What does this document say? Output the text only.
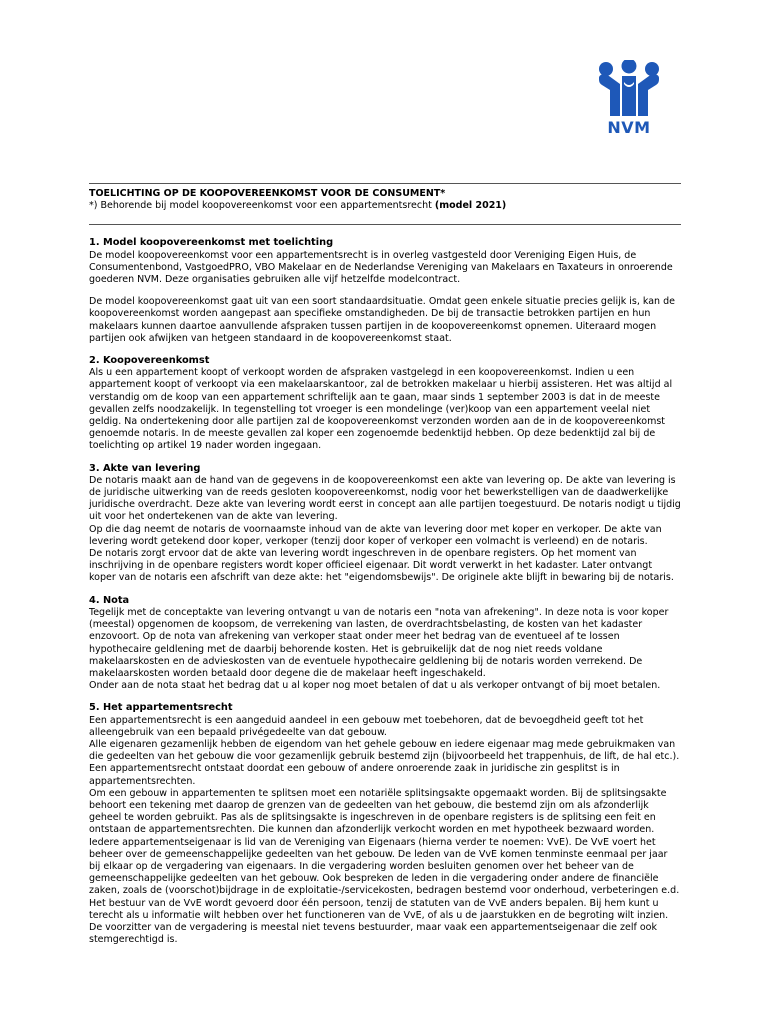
NVM
TOELICHTING OP DE KOOPOVEREENKOMST VOOR DE CONSUMENT*
*) Behorende bij model koopovereenkomst voor een appartementsrecht (model 2021)
1. Model koopovereenkomst met toelichting

De model koopovereenkomst voor een appartementsrecht is in overleg vastgesteld door Vereniging Eigen Huis, de Consumentenbond, VastgoedPRO, VBO Makelaar en de Nederlandse Vereniging van Makelaars en Taxateurs in onroerende goederen NVM. Deze organisaties gebruiken alle vijf hetzelfde modelcontract.

De model koopovereenkomst gaat uit van een soort standaardsituatie. Omdat geen enkele situatie precies gelijk is, kan de koopovereenkomst worden aangepast aan specifieke omstandigheden. De bij de transactie betrokken partijen en hun makelaars kunnen daartoe aanvullende afspraken tussen partijen in de koopovereenkomst opnemen. Uiteraard mogen partijen ook afwijken van hetgeen standaard in de koopovereenkomst staat.

2. Koopovereenkomst

Als u een appartement koopt of verkoopt worden de afspraken vastgelegd in een koopovereenkomst. Indien u een appartement koopt of verkoopt via een makelaarskantoor, zal de betrokken makelaar u hierbij assisteren. Het was altijd al verstandig om de koop van een appartement schriftelijk aan te gaan, maar sinds 1 september 2003 is dat in de meeste gevallen zelfs noodzakelijk. In tegenstelling tot vroeger is een mondelinge (ver)koop van een appartement veelal niet geldig. Na ondertekening door alle partijen zal de koopovereenkomst verzonden worden aan de in de koopovereenkomst genoemde notaris. In de meeste gevallen zal koper een zogenoemde bedenktijd hebben. Op deze bedenktijd zal bij de toelichting op artikel 19 nader worden ingegaan.

3. Akte van levering

De notaris maakt aan de hand van de gegevens in de koopovereenkomst een akte van levering op. De akte van levering is de juridische uitwerking van de reeds gesloten koopovereenkomst, nodig voor het bewerkstelligen van de daadwerkelijke juridische overdracht. Deze akte van levering wordt eerst in concept aan alle partijen toegestuurd. De notaris nodigt u tijdig uit voor het ondertekenen van de akte van levering.

Op die dag neemt de notaris de voornaamste inhoud van de akte van levering door met koper en verkoper. De akte van levering wordt getekend door koper, verkoper (tenzij door koper of verkoper een volmacht is verleend) en de notaris.

De notaris zorgt ervoor dat de akte van levering wordt ingeschreven in de openbare registers. Op het moment van inschrijving in de openbare registers wordt koper officieel eigenaar. Dit wordt verwerkt in het kadaster. Later ontvangt koper van de notaris een afschrift van deze akte: het "eigendomsbewijs". De originele akte blijft in bewaring bij de notaris.

4. Nota

Tegelijk met de conceptakte van levering ontvangt u van de notaris een "nota van afrekening". In deze nota is voor koper (meestal) opgenomen de koopsom, de verrekening van lasten, de overdrachtsbelasting, de kosten van het kadaster enzovoort. Op de nota van afrekening van verkoper staat onder meer het bedrag van de eventueel af te lossen hypothecaire geldlening met de daarbij behorende kosten. Het is gebruikelijk dat de nog niet reeds voldane makelaarskosten en de advieskosten van de eventuele hypothecaire geldlening bij de notaris worden verrekend. De makelaarskosten worden betaald door degene die de makelaar heeft ingeschakeld.

Onder aan de nota staat het bedrag dat u al koper nog moet betalen of dat u als verkoper ontvangt of bij moet betalen.

5. Het appartementsrecht

Een appartementsrecht is een aangeduid aandeel in een gebouw met toebehoren, dat de bevoegdheid geeft tot het alleengebruik van een bepaald privégedeelte van dat gebouw.

Alle eigenaren gezamenlijk hebben de eigendom van het gehele gebouw en iedere eigenaar mag mede gebruikmaken van die gedeelten van het gebouw die voor gezamenlijk gebruik bestemd zijn (bijvoorbeeld het trappenhuis, de lift, de hal etc.).

Een appartementsrecht ontstaat doordat een gebouw of andere onroerende zaak in juridische zin gesplitst is in appartementsrechten.

Om een gebouw in appartementen te splitsen moet een notariële splitsingsakte opgemaakt worden. Bij de splitsingsakte behoort een tekening met daarop de grenzen van de gedeelten van het gebouw, die bestemd zijn om als afzonderlijk geheel te worden gebruikt. Pas als de splitsingsakte is ingeschreven in de openbare registers is de splitsing een feit en ontstaan de appartementsrechten. Die kunnen dan afzonderlijk verkocht worden en met hypotheek bezwaard worden.

Iedere appartementseigenaar is lid van de Vereniging van Eigenaars (hierna verder te noemen: VvE). De VvE voert het beheer over de gemeenschappelijke gedeelten van het gebouw. De leden van de VvE komen tenminste eenmaal per jaar bij elkaar op de vergadering van eigenaars. In die vergadering worden besluiten genomen over het beheer van de gemeenschappelijke gedeelten van het gebouw. Ook bespreken de leden in die vergadering onder andere de financiële zaken, zoals de (voorschot)bijdrage in de exploitatie-/servicekosten, bedragen bestemd voor onderhoud, verbeteringen e.d. Het bestuur van de VvE wordt gevoerd door één persoon, tenzij de statuten van de VvE anders bepalen. Bij hem kunt u terecht als u informatie wilt hebben over het functioneren van de VvE, of als u de jaarstukken en de begroting wilt inzien. De voorzitter van de vergadering is meestal niet tevens bestuurder, maar vaak een appartementseigenaar die zelf ook stemgerechtigd is.
